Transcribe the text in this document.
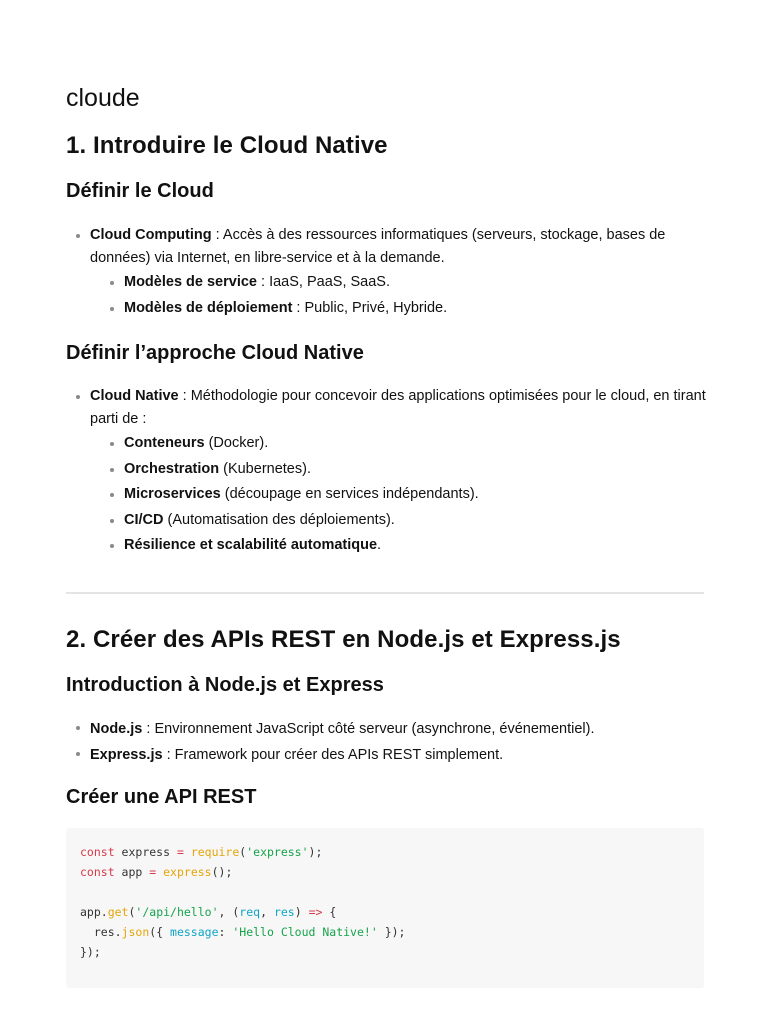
cloude
1. Introduire le Cloud Native
Définir le Cloud
Cloud Computing : Accès à des ressources informatiques (serveurs, stockage, bases de données) via Internet, en libre-service et à la demande.
Modèles de service : IaaS, PaaS, SaaS.
Modèles de déploiement : Public, Privé, Hybride.
Définir l’approche Cloud Native
Cloud Native : Méthodologie pour concevoir des applications optimisées pour le cloud, en tirant parti de :
Conteneurs (Docker).
Orchestration (Kubernetes).
Microservices (découpage en services indépendants).
CI/CD (Automatisation des déploiements).
Résilience et scalabilité automatique.
2. Créer des APIs REST en Node.js et Express.js
Introduction à Node.js et Express
Node.js : Environnement JavaScript côté serveur (asynchrone, événementiel).
Express.js : Framework pour créer des APIs REST simplement.
Créer une API REST
const express = require('express');
const app = express();

app.get('/api/hello', (req, res) => {
res.json({ message: 'Hello Cloud Native!' });
});
